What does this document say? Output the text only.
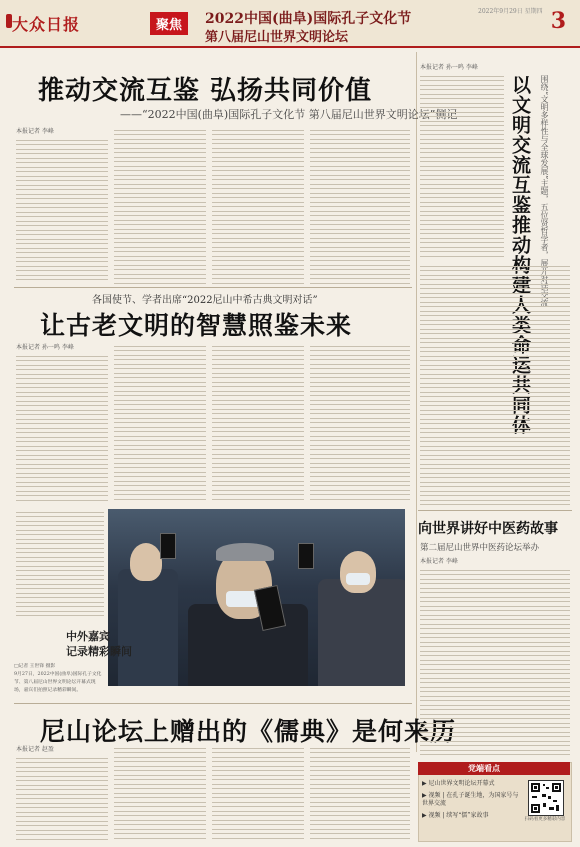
大众日报	聚焦	2022中国(曲阜)国际孔子文化节
第八届尼山世界文明论坛
2022年9月29日 星期四 3
推动交流互鉴 弘扬共同价值
——“2022中国(曲阜)国际孔子文化节 第八届尼山世界文明论坛”侧记
本报记者 李峰
各国使节、学者出席“2022尼山中希古典文明对话”
让古老文明的智慧照鉴未来
本报记者 孙一鸣 李峰
中外嘉宾
记录精彩瞬间
□记者 王世锋 摄影
9月27日，2022中国(曲阜)国际孔子文化节、第八届尼山世界文明论坛开幕式现场，嘉宾们拍照记录精彩瞬间。
尼山论坛上赠出的《儒典》是何来历
本报记者 赵盈
本报记者 孙一鸣 李峰
以文明交流互鉴推动构建人类命运共同体	围绕“文明多样性与全球发展”主题，五位贤哲学者，展开对话交流
向世界讲好中医药故事
第二届尼山世界中医药论坛举办
本报记者 李峰
党端看点
▶ 尼山世界文明论坛开幕式
▶ 视频 | 在孔子诞生地，为国家号与世界交流
▶ 视频 | 续写“儒”家故事
扫码看更多精彩内容
